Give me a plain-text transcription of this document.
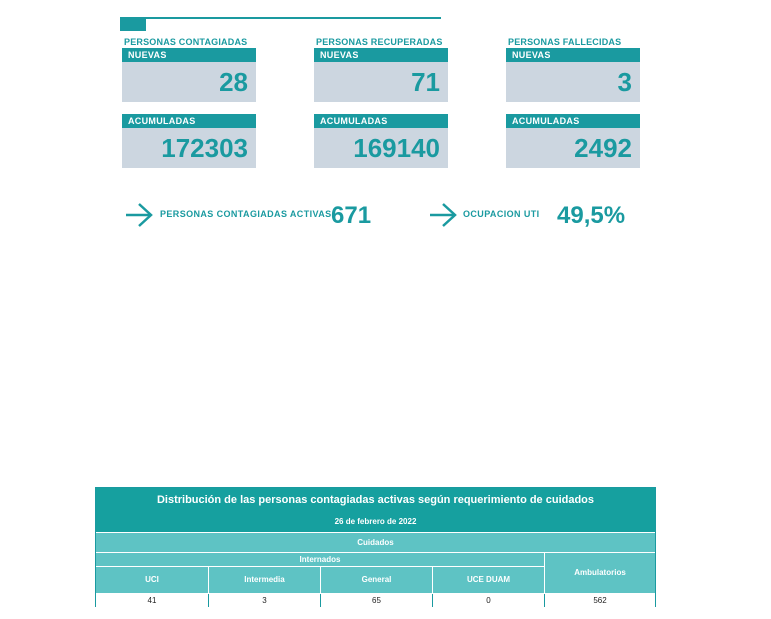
PERSONAS CONTAGIADAS
NUEVAS
28
ACUMULADAS
172303
PERSONAS RECUPERADAS
NUEVAS
71
ACUMULADAS
169140
PERSONAS FALLECIDAS
NUEVAS
3
ACUMULADAS
2492
PERSONAS CONTAGIADAS ACTIVAS 671	OCUPACION UTI 49,5%
Distribución de las personas contagiadas activas según requerimiento de cuidados
26 de febrero de 2022
Cuidados
Internados
UCI	Intermedia	General	UCE DUAM
Ambulatorios
41	3	65	0	562
